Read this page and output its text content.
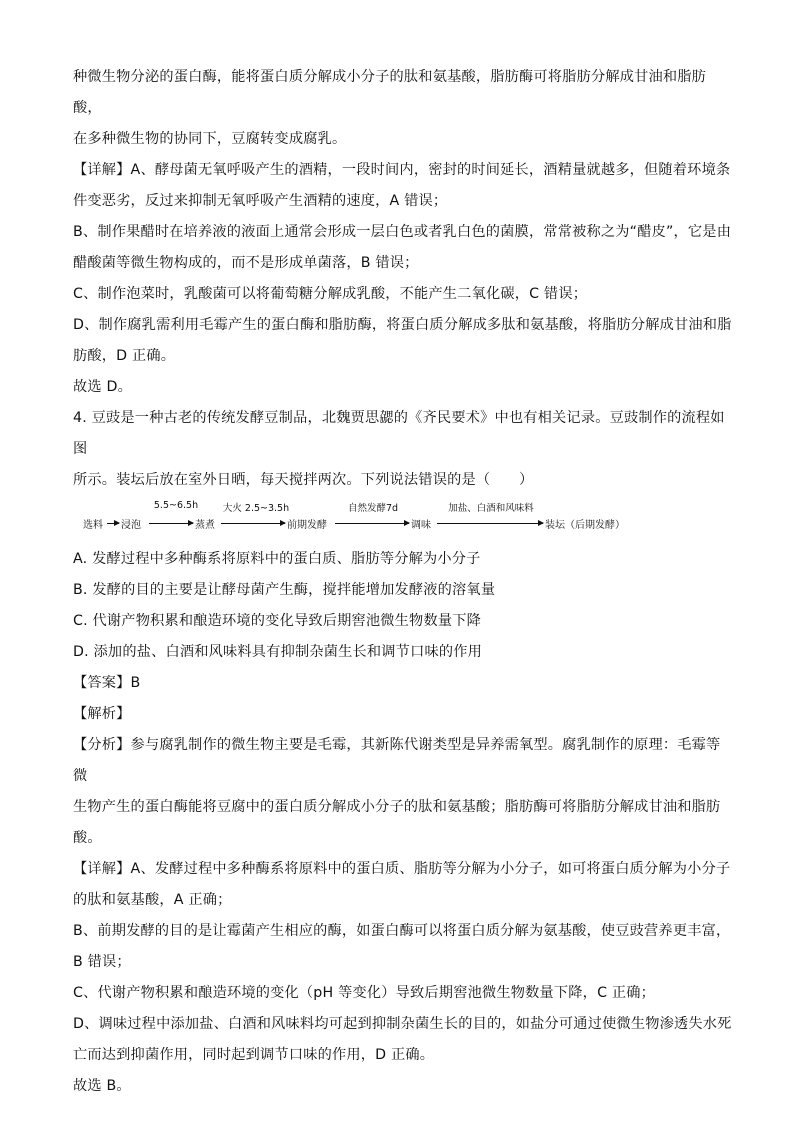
种微生物分泌的蛋白酶，能将蛋白质分解成小分子的肽和氨基酸，脂肪酶可将脂肪分解成甘油和脂肪酸，

在多种微生物的协同下，豆腐转变成腐乳。

【详解】A、酵母菌无氧呼吸产生的酒精，一段时间内，密封的时间延长，酒精量就越多，但随着环境条

件变恶劣，反过来抑制无氧呼吸产生酒精的速度，A 错误；

B、制作果醋时在培养液的液面上通常会形成一层白色或者乳白色的菌膜，常常被称之为“醋皮”，它是由

醋酸菌等微生物构成的，而不是形成单菌落，B 错误；

C、制作泡菜时，乳酸菌可以将葡萄糖分解成乳酸，不能产生二氧化碳，C 错误；

D、制作腐乳需利用毛霉产生的蛋白酶和脂肪酶，将蛋白质分解成多肽和氨基酸，将脂肪分解成甘油和脂

肪酸，D 正确。

故选 D。

4. 豆豉是一种古老的传统发酵豆制品，北魏贾思勰的《齐民要术》中也有相关记录。豆豉制作的流程如图

所示。装坛后放在室外日晒，每天搅拌两次。下列说法错误的是（　　）

选料 浸泡
5.5~6.5h
蒸煮
大火 2.5~3.5h
前期发酵
自然发酵7d
调味
加盐、白酒和风味料
装坛（后期发酵）

A. 发酵过程中多种酶系将原料中的蛋白质、脂肪等分解为小分子

B. 发酵的目的主要是让酵母菌产生酶，搅拌能增加发酵液的溶氧量

C. 代谢产物积累和酿造环境的变化导致后期窖池微生物数量下降

D. 添加的盐、白酒和风味料具有抑制杂菌生长和调节口味的作用

【答案】B

【解析】

【分析】参与腐乳制作的微生物主要是毛霉，其新陈代谢类型是异养需氧型。腐乳制作的原理：毛霉等微

生物产生的蛋白酶能将豆腐中的蛋白质分解成小分子的肽和氨基酸；脂肪酶可将脂肪分解成甘油和脂肪

酸。

【详解】A、发酵过程中多种酶系将原料中的蛋白质、脂肪等分解为小分子，如可将蛋白质分解为小分子

的肽和氨基酸，A 正确；

B、前期发酵的目的是让霉菌产生相应的酶，如蛋白酶可以将蛋白质分解为氨基酸，使豆豉营养更丰富，

B 错误；

C、代谢产物积累和酿造环境的变化（pH 等变化）导致后期窖池微生物数量下降，C 正确；

D、调味过程中添加盐、白酒和风味料均可起到抑制杂菌生长的目的，如盐分可通过使微生物渗透失水死

亡而达到抑菌作用，同时起到调节口味的作用，D 正确。

故选 B。
